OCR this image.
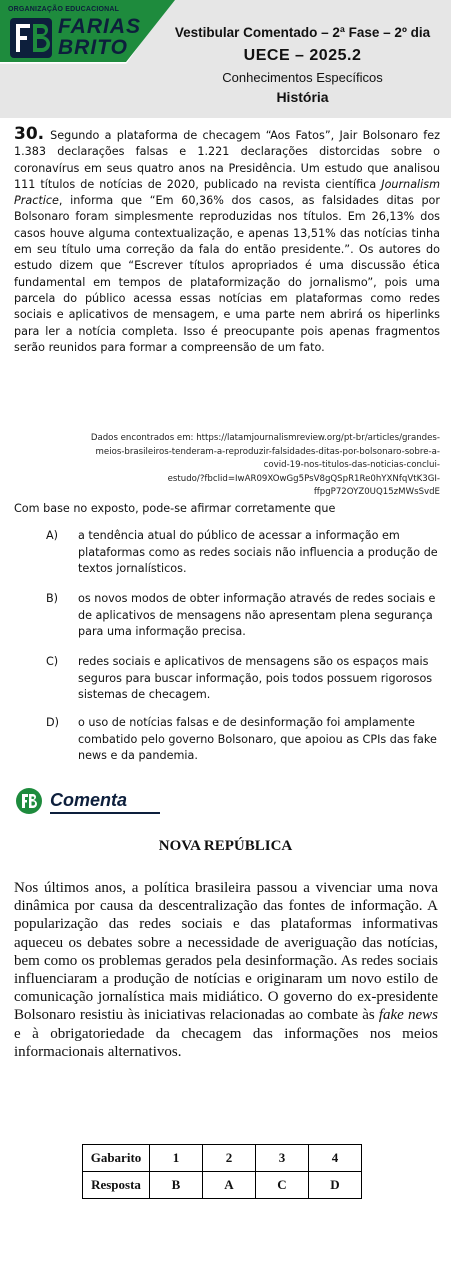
ORGANIZAÇÃO EDUCACIONAL
FARIAS
BRITO
Vestibular Comentado – 2ª Fase – 2º dia
UECE – 2025.2
Conhecimentos Específicos
História
30. Segundo a plataforma de checagem “Aos Fatos”, Jair Bolsonaro fez 1.383 declarações falsas e 1.221 declarações distorcidas sobre o coronavírus em seus quatro anos na Presidência. Um estudo que analisou 111 títulos de notícias de 2020, publicado na revista científica Journalism Practice, informa que “Em 60,36% dos casos, as falsidades ditas por Bolsonaro foram simplesmente reproduzidas nos títulos. Em 26,13% dos casos houve alguma contextualização, e apenas 13,51% das notícias tinha em seu título uma correção da fala do então presidente.”. Os autores do estudo dizem que “Escrever títulos apropriados é uma discussão ética fundamental em tempos de plataformização do jornalismo”, pois uma parcela do público acessa essas notícias em plataformas como redes sociais e aplicativos de mensagem, e uma parte nem abrirá os hiperlinks para ler a notícia completa. Isso é preocupante pois apenas fragmentos serão reunidos para formar a compreensão de um fato.
Dados encontrados em: https://latamjournalismreview.org/pt-br/articles/grandes-
meios-brasileiros-tenderam-a-reproduzir-falsidades-ditas-por-bolsonaro-sobre-a-
covid-19-nos-titulos-das-noticias-conclui-
estudo/?fbclid=IwAR09XOwGg5PsV8gQSpR1Re0hYXNfqVtK3GI-
ffpgP72OYZ0UQ15zMWsSvdE
Com base no exposto, pode-se afirmar corretamente que
A)	a tendência atual do público de acessar a informação em plataformas como as redes sociais não influencia a produção de textos jornalísticos.
B)	os novos modos de obter informação através de redes sociais e de aplicativos de mensagens não apresentam plena segurança para uma informação precisa.
C)	redes sociais e aplicativos de mensagens são os espaços mais seguros para buscar informação, pois todos possuem rigorosos sistemas de checagem.
D)	o uso de notícias falsas e de desinformação foi amplamente combatido pelo governo Bolsonaro, que apoiou as CPIs das fake news e da pandemia.
Comenta
NOVA REPÚBLICA
Nos últimos anos, a política brasileira passou a vivenciar uma nova dinâmica por causa da descentralização das fontes de informação. A popularização das redes sociais e das plataformas informativas aqueceu os debates sobre a necessidade de averiguação das notícias, bem como os problemas gerados pela desinformação. As redes sociais influenciaram a produção de notícias e originaram um novo estilo de comunicação jornalística mais midiático. O governo do ex-presidente Bolsonaro resistiu às iniciativas relacionadas ao combate às fake news e à obrigatoriedade da checagem das informações nos meios informacionais alternativos.
Gabarito	1	2	3	4
Resposta	B	A	C	D
